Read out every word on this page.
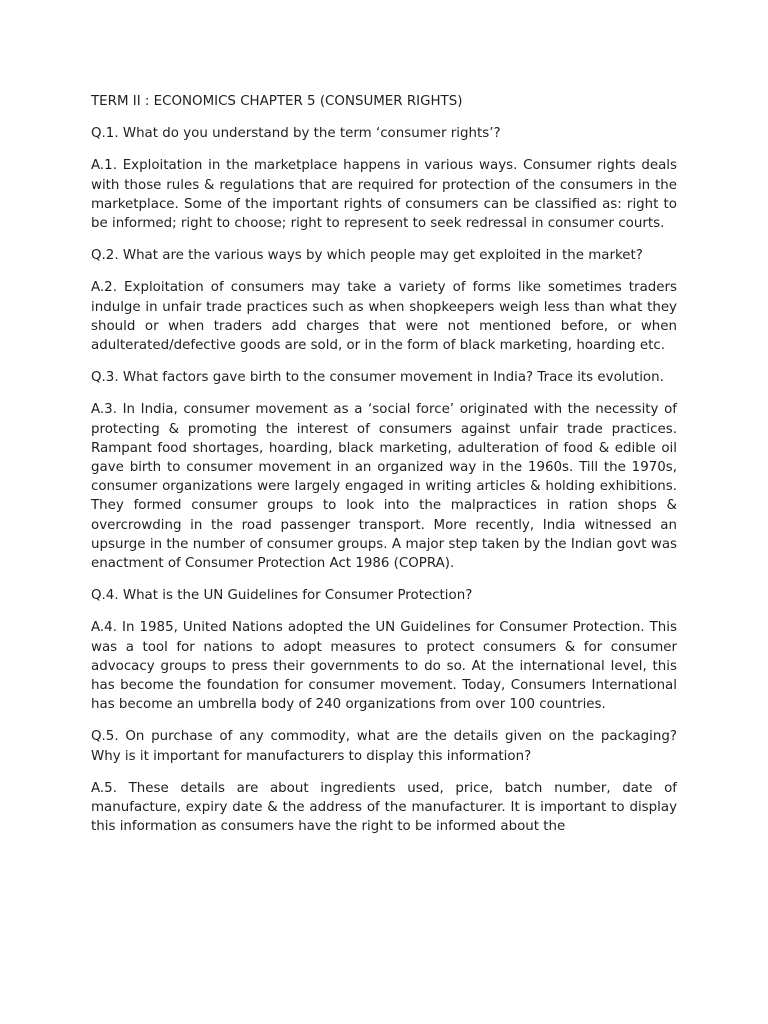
TERM II : ECONOMICS CHAPTER 5 (CONSUMER RIGHTS)

Q.1. What do you understand by the term ‘consumer rights’?

A.1. Exploitation in the marketplace happens in various ways. Consumer rights deals with those rules & regulations that are required for protection of the consumers in the marketplace. Some of the important rights of consumers can be classified as: right to be informed; right to choose; right to represent to seek redressal in consumer courts.

Q.2. What are the various ways by which people may get exploited in the market?

A.2. Exploitation of consumers may take a variety of forms like sometimes traders indulge in unfair trade practices such as when shopkeepers weigh less than what they should or when traders add charges that were not mentioned before, or when adulterated/defective goods are sold, or in the form of black marketing, hoarding etc.

Q.3. What factors gave birth to the consumer movement in India? Trace its evolution.

A.3. In India, consumer movement as a ‘social force’ originated with the necessity of protecting & promoting the interest of consumers against unfair trade practices. Rampant food shortages, hoarding, black marketing, adulteration of food & edible oil gave birth to consumer movement in an organized way in the 1960s. Till the 1970s, consumer organizations were largely engaged in writing articles & holding exhibitions. They formed consumer groups to look into the malpractices in ration shops & overcrowding in the road passenger transport. More recently, India witnessed an upsurge in the number of consumer groups. A major step taken by the Indian govt was enactment of Consumer Protection Act 1986 (COPRA).

Q.4. What is the UN Guidelines for Consumer Protection?

A.4. In 1985, United Nations adopted the UN Guidelines for Consumer Protection. This was a tool for nations to adopt measures to protect consumers & for consumer advocacy groups to press their governments to do so. At the international level, this has become the foundation for consumer movement. Today, Consumers International has become an umbrella body of 240 organizations from over 100 countries.

Q.5. On purchase of any commodity, what are the details given on the packaging? Why is it important for manufacturers to display this information?

A.5. These details are about ingredients used, price, batch number, date of manufacture, expiry date & the address of the manufacturer. It is important to display this information as consumers have the right to be informed about the
